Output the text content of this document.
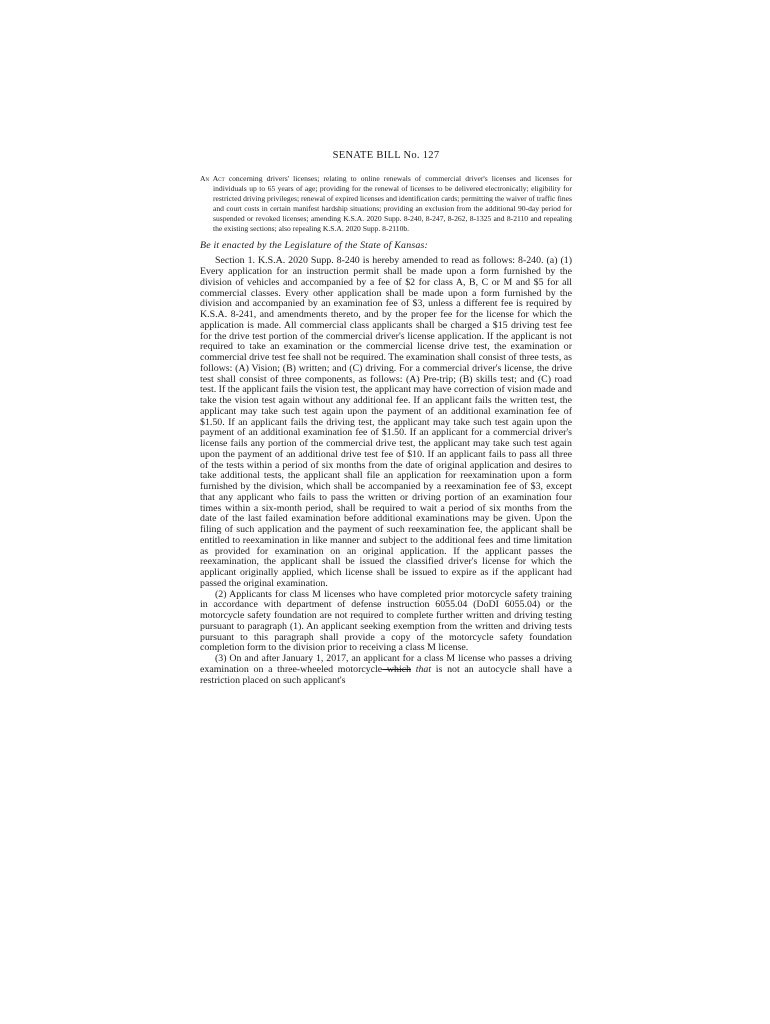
SENATE BILL No. 127

An Act concerning drivers' licenses; relating to online renewals of commercial driver's licenses and licenses for individuals up to 65 years of age; providing for the renewal of licenses to be delivered electronically; eligibility for restricted driving privileges; renewal of expired licenses and identification cards; permitting the waiver of traffic fines and court costs in certain manifest hardship situations; providing an exclusion from the additional 90-day period for suspended or revoked licenses; amending K.S.A. 2020 Supp. 8-240, 8-247, 8-262, 8-1325 and 8-2110 and repealing the existing sections; also repealing K.S.A. 2020 Supp. 8-2110b.

Be it enacted by the Legislature of the State of Kansas:

Section 1. K.S.A. 2020 Supp. 8-240 is hereby amended to read as follows: 8-240. (a) (1) Every application for an instruction permit shall be made upon a form furnished by the division of vehicles and accompanied by a fee of $2 for class A, B, C or M and $5 for all commercial classes. Every other application shall be made upon a form furnished by the division and accompanied by an examination fee of $3, unless a different fee is required by K.S.A. 8-241, and amendments thereto, and by the proper fee for the license for which the application is made. All commercial class applicants shall be charged a $15 driving test fee for the drive test portion of the commercial driver's license application. If the applicant is not required to take an examination or the commercial license drive test, the examination or commercial drive test fee shall not be required. The examination shall consist of three tests, as follows: (A) Vision; (B) written; and (C) driving. For a commercial driver's license, the drive test shall consist of three components, as follows: (A) Pre-trip; (B) skills test; and (C) road test. If the applicant fails the vision test, the applicant may have correction of vision made and take the vision test again without any additional fee. If an applicant fails the written test, the applicant may take such test again upon the payment of an additional examination fee of $1.50. If an applicant fails the driving test, the applicant may take such test again upon the payment of an additional examination fee of $1.50. If an applicant for a commercial driver's license fails any portion of the commercial drive test, the applicant may take such test again upon the payment of an additional drive test fee of $10. If an applicant fails to pass all three of the tests within a period of six months from the date of original application and desires to take additional tests, the applicant shall file an application for reexamination upon a form furnished by the division, which shall be accompanied by a reexamination fee of $3, except that any applicant who fails to pass the written or driving portion of an examination four times within a six-month period, shall be required to wait a period of six months from the date of the last failed examination before additional examinations may be given. Upon the filing of such application and the payment of such reexamination fee, the applicant shall be entitled to reexamination in like manner and subject to the additional fees and time limitation as provided for examination on an original application. If the applicant passes the reexamination, the applicant shall be issued the classified driver's license for which the applicant originally applied, which license shall be issued to expire as if the applicant had passed the original examination.

(2) Applicants for class M licenses who have completed prior motorcycle safety training in accordance with department of defense instruction 6055.04 (DoDI 6055.04) or the motorcycle safety foundation are not required to complete further written and driving testing pursuant to paragraph (1). An applicant seeking exemption from the written and driving tests pursuant to this paragraph shall provide a copy of the motorcycle safety foundation completion form to the division prior to receiving a class M license.

(3) On and after January 1, 2017, an applicant for a class M license who passes a driving examination on a three-wheeled motorcycle which that is not an autocycle shall have a restriction placed on such applicant's
